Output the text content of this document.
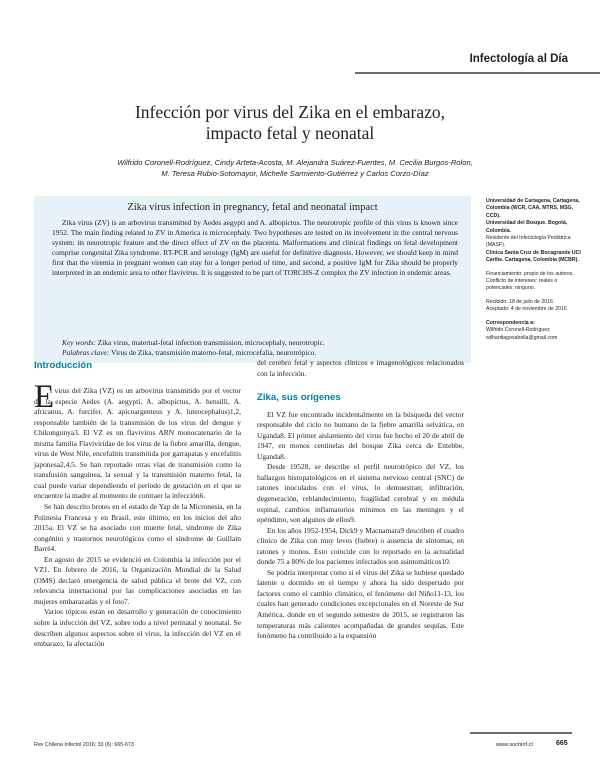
Infectología al Día
Infección por virus del Zika en el embarazo,
impacto fetal y neonatal
Wilfrido Coronell-Rodríguez, Cindy Arteta-Acosta, M. Alejandra Suárez-Fuentes, M. Cecilia Burgos-Rolon,
M. Teresa Rubio-Sotomayor, Michelle Sarmiento-Gutiérrez y Carlos Corzo-Díaz
Zika virus infection in pregnancy, fetal and neonatal impact
Zika virus (ZV) is an arbovirus transmitted by Aedes aegypti and A. albopictus. The neurotropic profile of this virus is known since 1952. The main finding related to ZV in America is microcephaly. Two hypotheses are tested on its involvement in the central nervous system: its neurotropic feature and the direct effect of ZV on the placenta. Malformations and clinical findings on fetal development comprise congenital Zika syndrome. RT-PCR and serology (IgM) are useful for definitive diagnosis. However, we should keep in mind first that the viremia in pregnant women can stay for a longer period of time, and second, a positive IgM for Zika should be properly interpreted in an endemic area to other flavivirus. It is suggested to be part of TORCHS-Z complex the ZV infection in endemic areas.
Key words: Zika virus, maternal-fetal infection transmission, microcephaly, neurotropic.
Palabras clave: Virus de Zika, transmisión materno-fetal, microcefalia, neurotrópico.
Universidad de Cartagena, Cartagena, Colombia (WCR, CAA, MTRS, MSG, CCD).
Universidad del Bosque. Bogotá, Colombia.
Residente del Infectología Pediátrica (MASF).
Clínica Santa Cruz de Bocagrande UCI Caribe. Cartagena, Colombia (MCBR).
Financiamiento: propio de los autores.
Conflicto de intereses: reales o potenciales: ninguno.
Recibido: 18 de julio de 2016
Aceptado: 4 de noviembre de 2016
Correspondencia a:
Wilfrido Coronell-Rodríguez
wilhantiagosabella@gmail.com
Introducción
E

l virus del Zika (VZ) es un arbovirus transmitido por el vector de la especie Aedes (A. aegypti, A. albopictus, A. hensilli, A. africanus, A. furcifer, A. apicoargenteus y A. luteocephalus)1,2, responsable también de la transmisión de los virus del dengue y Chikungunya3. El VZ es un flavivirus ARN monocatenario de la misma familia Flaviviridae de los virus de la fiebre amarilla, dengue, virus de West Nile, encefalitis transmitida por garrapatas y encefalitis japonesa2,4,5. Se han reportado otras vías de transmisión como la transfusión sanguínea, la sexual y la transmisión materno fetal, la cual puede variar dependiendo el período de gestación en el que se encuentre la madre al momento de contraer la infección6.

Se han descrito brotes en el estado de Yap de la Micronesia, en la Polinesia Francesa y en Brasil, este último, en los inicios del año 2015a. El VZ se ha asociado con muerte fetal, síndrome de Zika congénito y trastornos neurológicos como el síndrome de Guillain Barré4.

En agosto de 2015 se evidenció en Colombia la infección por el VZ1. En febrero de 2016, la Organización Mundial de la Salud (OMS) declaró emergencia de salud pública el brote del VZ, con relevancia internacional por las complicaciones asociadas en las mujeres embarazadas y el feto7.

Varios tópicos están en desarrollo y generación de conocimiento sobre la infección del VZ, sobre todo a nivel perinatal y neonatal. Se describen algunos aspectos sobre el virus, la infección del VZ en el embarazo, la afectación

del cerebro fetal y aspectos clínicos e imagenológicos relacionados con la infección.

Zika, sus orígenes

El VZ fue encontrado incidentalmente en la búsqueda del vector responsable del ciclo no humano de la fiebre amarilla selvática, en Uganda8. El primer aislamiento del virus fue hecho el 20 de abril de 1947, en monos centinelas del bosque Zika cerca de Entebbe, Uganda8.

Desde 19528, se describe el perfil neurotrópico del VZ, los hallazgos histopatológicos en el sistema nervioso central (SNC) de ratones inoculados con el virus, lo demuestran; infiltración, degeneración, reblandecimiento, fragilidad cerebral y en médula espinal, cambios inflamatorios mínimos en las meninges y el epéndimo, son algunos de ellos9.

En los años 1952-1954, Dick9 y Macnamara9 describen el cuadro clínico de Zika con muy leves (fiebre) o ausencia de síntomas, en ratones y monos. Esto coincide con lo reportado en la actualidad donde 75 a 80% de los pacientes infectados son asintomáticos10.

Se podría interpretar como si el virus del Zika se hubiese quedado latente o dormido en el tiempo y ahora ha sido despertado por factores como el cambio climático, el fenómeno del Niño11-13, los cuales han generado condiciones excepcionales en el Noreste de Sur América, donde en el segundo semestre de 2015, se registraron las temperaturas más calientes acompañadas de grandes sequías. Este fenómeno ha contribuido a la expansión

Rev Chilena Infectol 2016; 33 (6): 665-673	www.sochinf.cl	665
